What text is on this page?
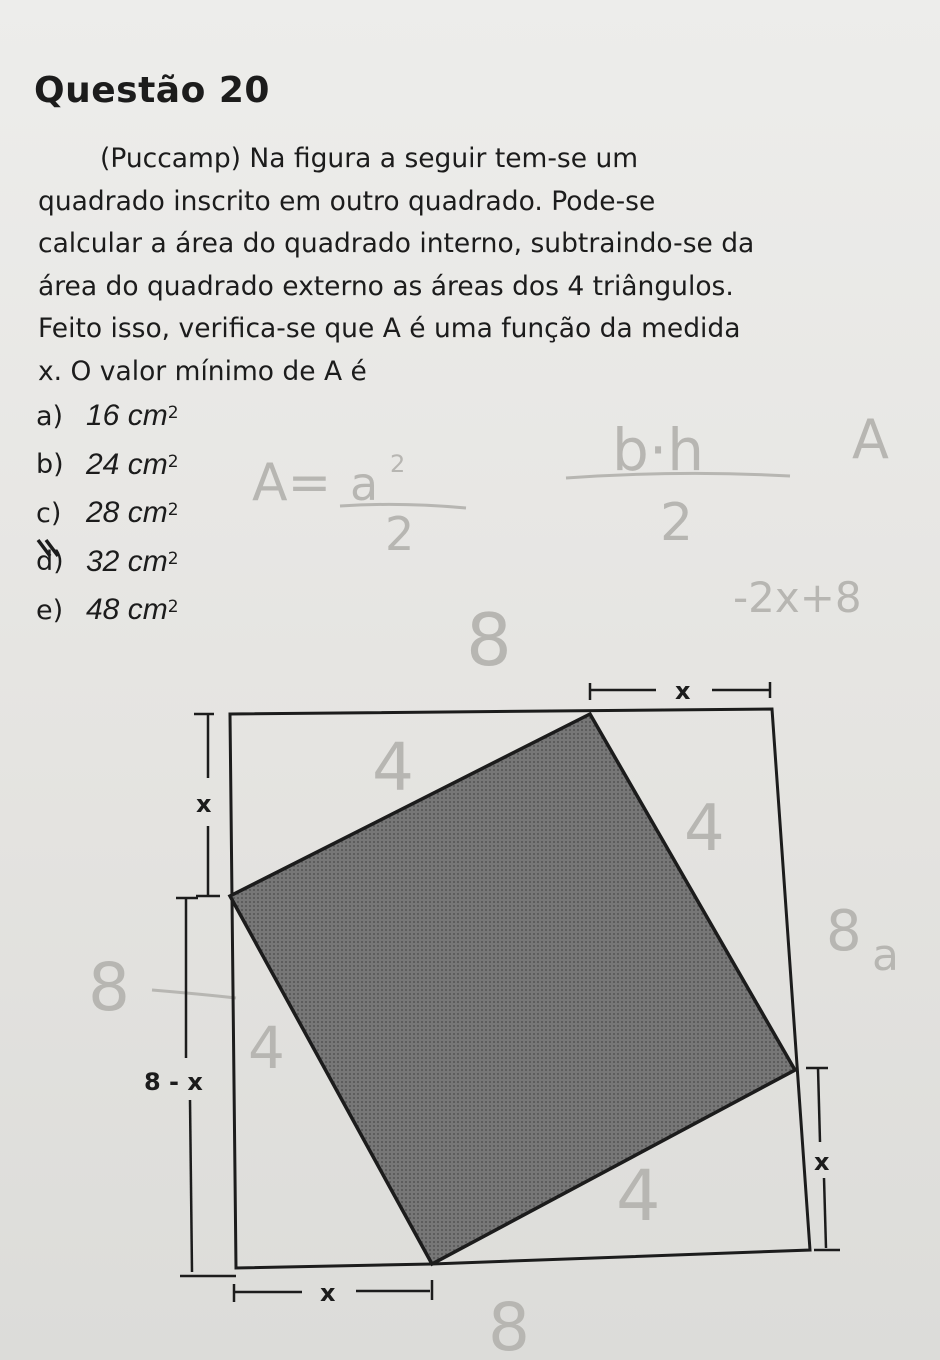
Questão 20
(Puccamp) Na figura a seguir tem-se um
quadrado inscrito em outro quadrado. Pode-se
calcular a área do quadrado interno, subtraindo-se da
área do quadrado externo as áreas dos 4 triângulos.
Feito isso, verifica-se que A é uma função da medida
x. O valor mínimo de A é
a) 16 $cm^2$
b) 24 $cm^2$
c) 28 $cm^2$
d) 32 $cm^2$
e) 48 $cm^2$
A= a 2
2
b·h
2
A
-2x+8
8
4
4
8 a
8
4
4
8
x
x
8 - x
x
x
